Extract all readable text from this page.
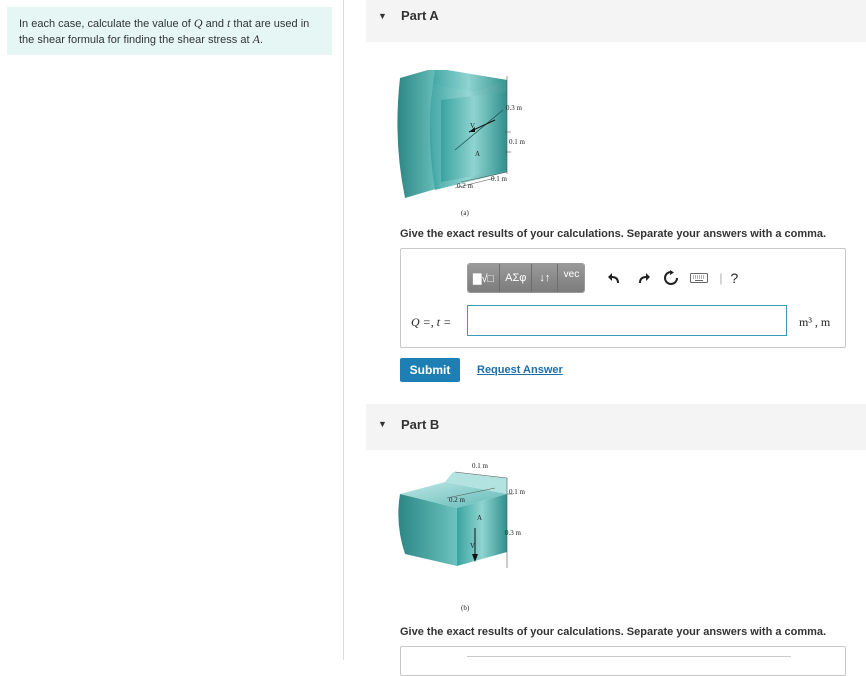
In each case, calculate the value of Q and t that are used in the shear formula for finding the shear stress at A.
▼ Part A
0.3 m
0.1 m
0.1 m
0.2 m
V
A
(a)
Give the exact results of your calculations. Separate your answers with a comma.
▇√□	ΑΣφ	↓↑	vec	| ?
Q =, t =	m³ , m
Submit	Request Answer
▼ Part B
0.1 m
0.1 m
0.2 m
0.3 m
V
A
(b)
Give the exact results of your calculations. Separate your answers with a comma.
